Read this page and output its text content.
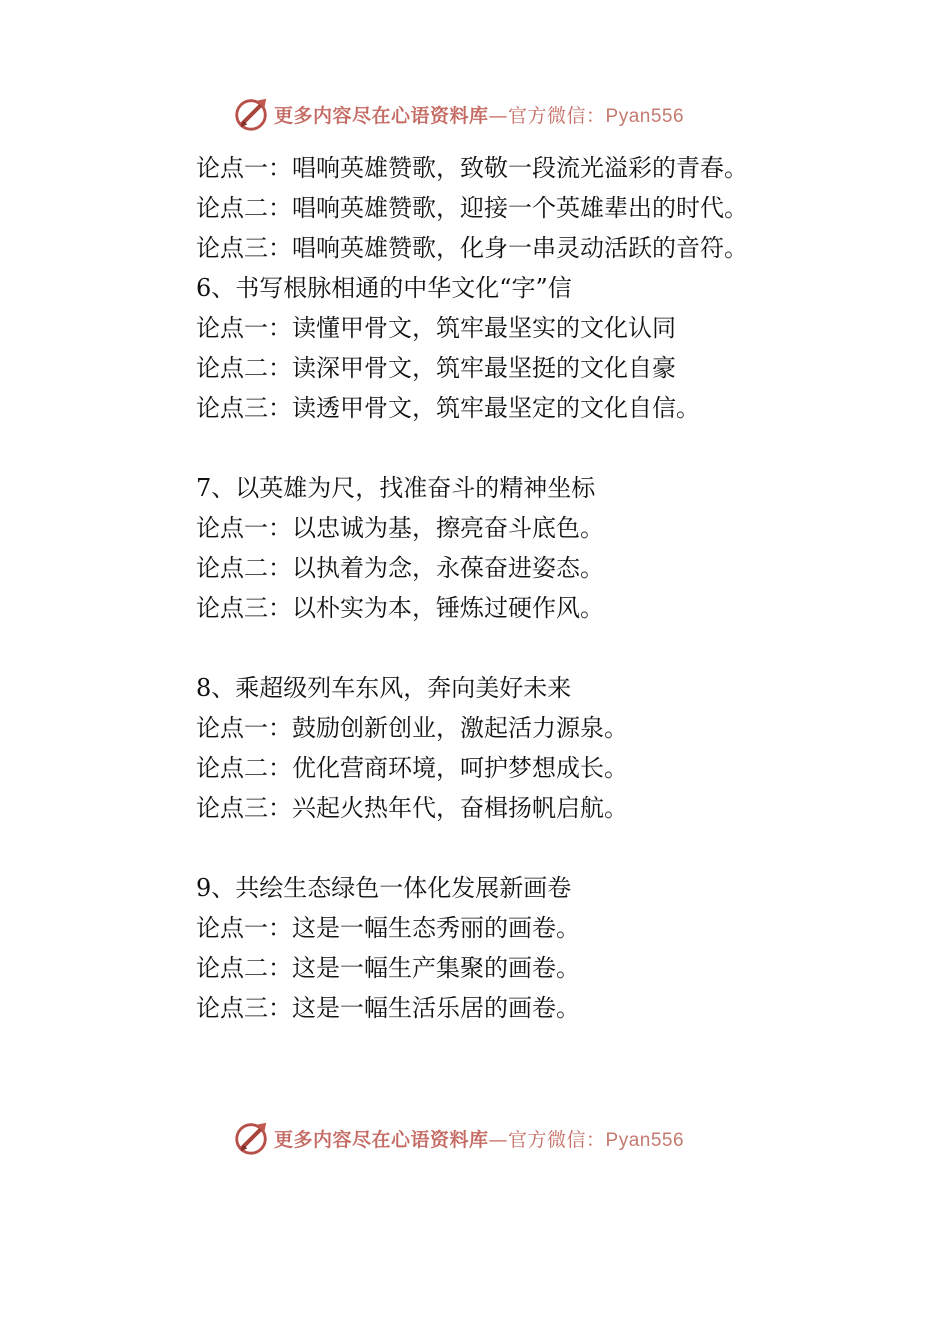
更多内容尽在心语资料库—官方微信：Pyan556
论点一：唱响英雄赞歌，致敬一段流光溢彩的青春。
论点二：唱响英雄赞歌，迎接一个英雄辈出的时代。
论点三：唱响英雄赞歌，化身一串灵动活跃的音符。
6、书写根脉相通的中华文化“字”信
论点一：读懂甲骨文，筑牢最坚实的文化认同
论点二：读深甲骨文，筑牢最坚挺的文化自豪
论点三：读透甲骨文，筑牢最坚定的文化自信。
7、以英雄为尺，找准奋斗的精神坐标
论点一：以忠诚为基，擦亮奋斗底色。
论点二：以执着为念，永葆奋进姿态。
论点三：以朴实为本，锤炼过硬作风。
8、乘超级列车东风，奔向美好未来
论点一：鼓励创新创业，激起活力源泉。
论点二：优化营商环境，呵护梦想成长。
论点三：兴起火热年代，奋楫扬帆启航。
9、共绘生态绿色一体化发展新画卷
论点一：这是一幅生态秀丽的画卷。
论点二：这是一幅生产集聚的画卷。
论点三：这是一幅生活乐居的画卷。
更多内容尽在心语资料库—官方微信：Pyan556
